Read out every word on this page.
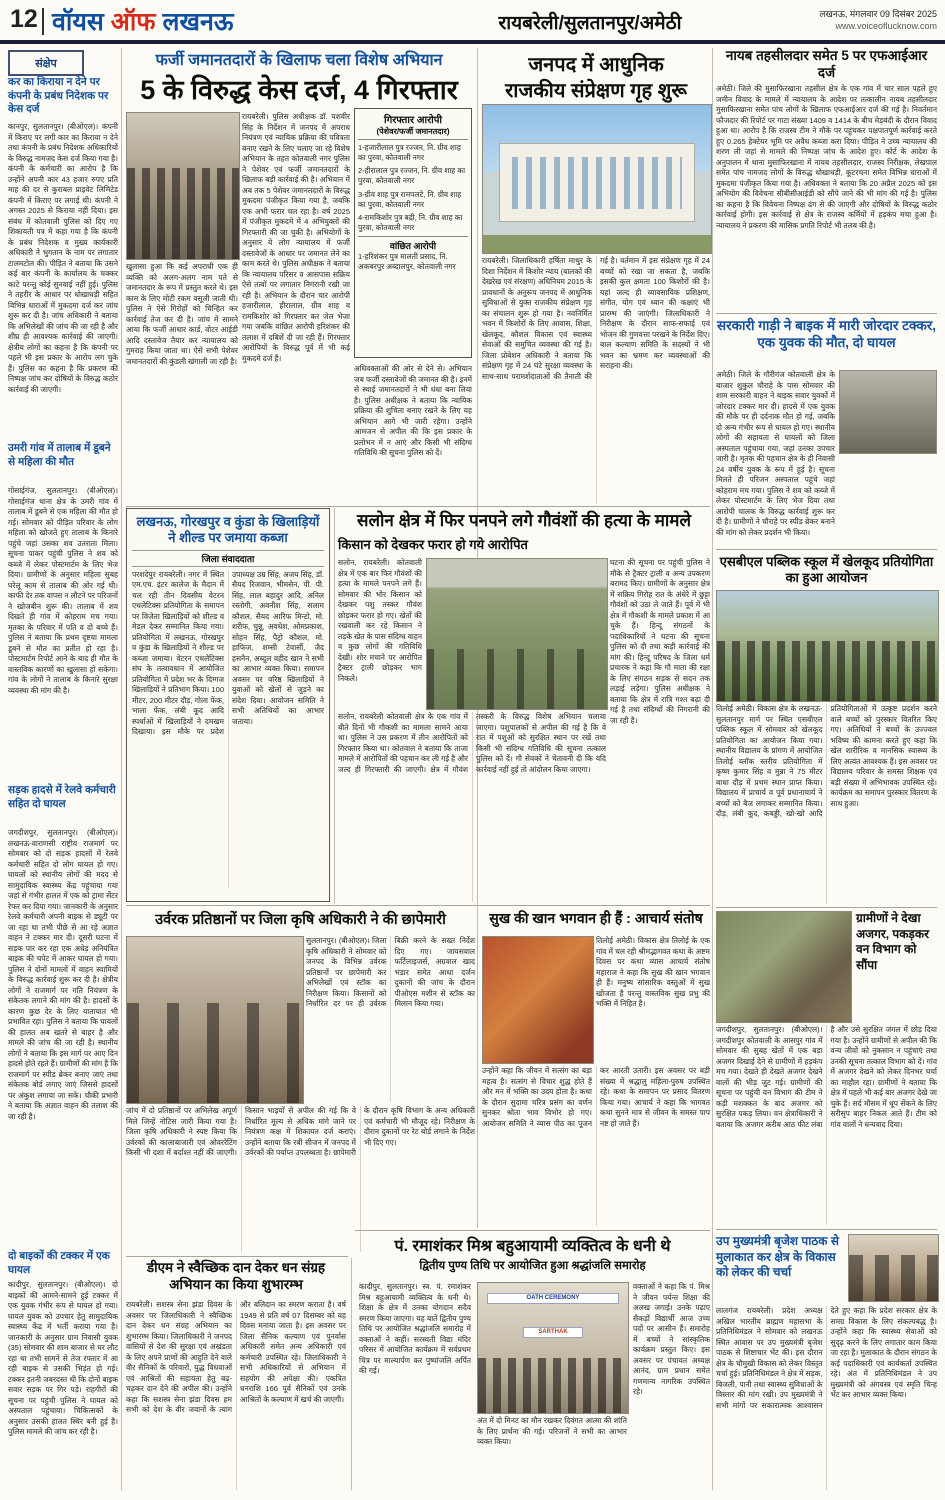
12 वॉयस ऑफ लखनऊ	रायबरेली/सुलतानपुर/अमेठी	लखनऊ, मंगलवार 09 दिसंबर 2025
www.voiceoflucknow.com
संक्षेप
कर का किराया न देने पर कंपनी के प्रबंध निदेशक पर केस दर्ज
कानपुर, सुलतानपुर। (बीओएल)। कंपनी में किराए पर लगी कार का किराया न देने तथा कंपनी के प्रबंध निदेशक अधिकारियों के विरुद्ध नामजद केस दर्ज किया गया है। कंपनी के कर्मचारी का आरोप है कि उन्होंने अपनी कार 43 हजार रुपए प्रति माह की दर से कुराबल प्राइवेट लिमिटेड कंपनी में किराए पर लगाई थी। कंपनी ने अगस्त 2025 से किराया नहीं दिया। इस संबंध में कोतवाली पुलिस को दिए गए शिकायती पत्र में कहा गया है कि कंपनी के प्रबंध निदेशक व मुख्य कार्यकारी अधिकारी ने भुगतान के नाम पर लगातार टालमटोल की। पीड़ित ने बताया कि उसने कई बार कंपनी के कार्यालय के चक्कर काटे परन्तु कोई सुनवाई नहीं हुई। पुलिस ने तहरीर के आधार पर धोखाधड़ी सहित विभिन्न धाराओं में मुकदमा दर्ज कर जांच शुरू कर दी है। जांच अधिकारी ने बताया कि अभिलेखों की जांच की जा रही है और शीघ्र ही आवश्यक कार्रवाई की जाएगी। क्षेत्रीय लोगों का कहना है कि कंपनी पर पहले भी इस प्रकार के आरोप लग चुके हैं। पुलिस का कहना है कि प्रकरण की निष्पक्ष जांच कर दोषियों के विरुद्ध कठोर कार्रवाई की जाएगी।
उमरी गांव में तालाब में डूबने से महिला की मौत
गोसाईगंज, सुलतानपुर। (बीओएल)। गोसाईगंज थाना क्षेत्र के उमरी गांव में तालाब में डूबने से एक महिला की मौत हो गई। सोमवार को पीड़ित परिवार के लोग महिला को खोजते हुए तालाब के किनारे पहुंचे जहां उसका शव उतराता मिला। सूचना पाकर पहुंची पुलिस ने शव को कब्जे में लेकर पोस्टमार्टम के लिए भेज दिया। ग्रामीणों के अनुसार महिला सुबह घरेलू काम से तालाब की ओर गई थी। काफी देर तक वापस न लौटने पर परिजनों ने खोजबीन शुरू की। तालाब में शव दिखते ही गांव में कोहराम मच गया। मृतका के परिवार में पति व दो बच्चे हैं। पुलिस ने बताया कि प्रथम दृष्टया मामला डूबने से मौत का प्रतीत हो रहा है। पोस्टमार्टम रिपोर्ट आने के बाद ही मौत के वास्तविक कारणों का खुलासा हो सकेगा। गांव के लोगों ने तालाब के किनारे सुरक्षा व्यवस्था की मांग की है।
सड़क हादसे में रेलवे कर्मचारी सहित दो घायल
जगदीशपुर, सुलतानपुर। (बीओएल)। लखनऊ-वाराणसी राष्ट्रीय राजमार्ग पर सोमवार को दो सड़क हादसों में रेलवे कर्मचारी सहित दो लोग घायल हो गए। घायलों को स्थानीय लोगों की मदद से सामुदायिक स्वास्थ्य केंद्र पहुंचाया गया जहां से गंभीर हालत में एक को ट्रामा सेंटर रेफर कर दिया गया। जानकारी के अनुसार रेलवे कर्मचारी अपनी बाइक से ड्यूटी पर जा रहा था तभी पीछे से आ रहे अज्ञात वाहन ने टक्कर मार दी। दूसरी घटना में सड़क पार कर रहा एक अधेड़ अनियंत्रित बाइक की चपेट में आकर घायल हो गया। पुलिस ने दोनों मामलों में वाहन स्वामियों के विरुद्ध कार्रवाई शुरू कर दी है। क्षेत्रीय लोगों ने राजमार्ग पर गति नियंत्रण के संकेतक लगाने की मांग की है। हादसों के कारण कुछ देर के लिए यातायात भी प्रभावित रहा। पुलिस ने बताया कि घायलों की हालत अब खतरे से बाहर है और मामले की जांच की जा रही है। स्थानीय लोगों ने बताया कि इस मार्ग पर आए दिन हादसे होते रहते हैं। ग्रामीणों की मांग है कि राजमार्ग पर स्पीड ब्रेकर बनाए जाएं तथा संकेतक बोर्ड लगाए जाएं जिससे हादसों पर अंकुश लगाया जा सके। चौकी प्रभारी ने बताया कि अज्ञात वाहन की तलाश की जा रही है।
दो बाइकों की टक्कर में एक घायल
कादीपुर, सुलतानपुर। (बीओएल)। दो बाइकों की आमने-सामने हुई टक्कर में एक युवक गंभीर रूप से घायल हो गया। घायल युवक को उपचार हेतु सामुदायिक स्वास्थ्य केंद्र में भर्ती कराया गया है। जानकारी के अनुसार ग्राम निवासी युवक (35) सोमवार की शाम बाजार से घर लौट रहा था तभी सामने से तेज रफ्तार में आ रही बाइक से उसकी भिड़ंत हो गई। टक्कर इतनी जबरदस्त थी कि दोनों बाइक सवार सड़क पर गिर पड़े। राहगीरों की सूचना पर पहुंची पुलिस ने घायल को अस्पताल पहुंचाया। चिकित्सकों के अनुसार उसकी हालत स्थिर बनी हुई है। पुलिस मामले की जांच कर रही है।
फर्जी जमानतदारों के खिलाफ चला विशेष अभियान
5 के विरुद्ध केस दर्ज, 4 गिरफ्तार
खुलासा हुआ कि कई अपराधी एक ही व्यक्ति को अलग-अलग नाम पते से जमानतदार के रूप में प्रस्तुत करते थे। इस काम के लिए मोटी रकम वसूली जाती थी। पुलिस ने ऐसे गिरोहों को चिन्हित कर कार्रवाई तेज कर दी है। जांच में सामने आया कि फर्जी आधार कार्ड, वोटर आईडी आदि दस्तावेज तैयार कर न्यायालय को गुमराह किया जाता था। ऐसे सभी पेशेवर जमानतदारों की कुंडली खंगाली जा रही है।
रायबरेली। पुलिस अधीक्षक डॉ. यशवीर सिंह के निर्देशन में जनपद में अपराध नियंत्रण एवं न्यायिक प्रक्रिया की पवित्रता बनाए रखने के लिए चलाए जा रहे विशेष अभियान के तहत कोतवाली नगर पुलिस ने पेशेवर एवं फर्जी जमानतदारों के खिलाफ बड़ी कार्रवाई की है। अभियान में अब तक 5 पेशेवर जमानतदारों के विरुद्ध मुकदमा पंजीकृत किया गया है, जबकि एक अभी फरार चल रहा है। वर्ष 2025 में पंजीकृत मुकदमे में 4 अभियुक्तों की गिरफ्तारी की जा चुकी है। अभियोगों के अनुसार ये लोग न्यायालय में फर्जी दस्तावेजों के आधार पर जमानत लेने का काम करते थे। पुलिस अधीक्षक ने बताया कि न्यायालय परिसर व आसपास सक्रिय ऐसे तत्वों पर लगातार निगरानी रखी जा रही है। अभियान के दौरान चार आरोपी हजारीलाल, हीरालाल, ग्रीव शाह व रामकिशोर को गिरफ्तार कर जेल भेजा गया जबकि वांछित आरोपी हरिशंकर की तलाश में दबिशें दी जा रही हैं। गिरफ्तार आरोपियों के विरुद्ध पूर्व में भी कई मुकदमे दर्ज हैं।
गिरफ्तार आरोपी
(पेशेवर/फर्जी जमानतदार)
1-हजारीलाल पुत्र रज्जन, नि. ग्रीव शाह का पुरवा, कोतवाली नगर
2-हीरालाल पुत्र रज्जन, नि. ग्रीव शाह का पुरवा, कोतवाली नगर
3-ग्रीव शाह पुत्र रामपलटे, नि. ग्रीव शाह का पुरवा, कोतवाली नगर
4-रामकिशोर पुत्र बद्री, नि. ग्रीव शाह का पुरवा, कोतवाली नगर
वांछित आरोपी
1-हरिशंकर पुत्र मालती प्रसाद, नि. अकबरपुर अब्दालपुर, कोतवाली नगर
अधिवक्ताओं की ओर से देने से। अभियान जब फर्जी दस्तावेजों की जमानत की है। इनमें से स्थाई जमानतदारों ने भी धंधा बना लिया है। पुलिस अधीक्षक ने बताया कि न्यायिक प्रक्रिया की शुचिता बनाए रखने के लिए यह अभियान आगे भी जारी रहेगा। उन्होंने आमजन से अपील की कि इस प्रकार के प्रलोभन में न आएं और किसी भी संदिग्ध गतिविधि की सूचना पुलिस को दें।
जनपद में आधुनिक
राजकीय संप्रेक्षण गृह शुरू
रायबरेली। जिलाधिकारी हर्षिता माथुर के दिशा निर्देशन में किशोर न्याय (बालकों की देखरेख एवं संरक्षण) अधिनियम 2015 के प्रावधानों के अनुरूप जनपद में आधुनिक सुविधाओं से युक्त राजकीय संप्रेक्षण गृह का संचालन शुरू हो गया है। नवनिर्मित भवन में किशोरों के लिए आवास, शिक्षा, खेलकूद, कौशल विकास एवं स्वास्थ्य सेवाओं की समुचित व्यवस्था की गई है। जिला प्रोबेशन अधिकारी ने बताया कि संप्रेक्षण गृह में 24 घंटे सुरक्षा व्यवस्था के साथ-साथ परामर्शदाताओं की तैनाती की गई है। वर्तमान में इस संप्रेक्षण गृह में 24 बच्चों को रखा जा सकता है, जबकि इसकी कुल क्षमता 100 किशोरों की है। यहां जल्द ही व्यावसायिक प्रशिक्षण, संगीत, योग एवं ध्यान की कक्षाएं भी प्रारम्भ की जाएंगी। जिलाधिकारी ने निरीक्षण के दौरान साफ-सफाई एवं भोजन की गुणवत्ता परखने के निर्देश दिए। बाल कल्याण समिति के सदस्यों ने भी भवन का भ्रमण कर व्यवस्थाओं की सराहना की।
नायब तहसीलदार समेत 5 पर एफआईआर दर्ज
अमेठी। जिले की मुसाफिरखाना तहसील क्षेत्र के एक गांव में चार साल पहले हुए जमीन विवाद के मामले में न्यायालय के आदेश पर तत्कालीन नायब तहसीलदार मुसाफिरखाना समेत पांच लोगों के खिलाफ एफआईआर दर्ज की गई है। निवर्तमान फौजदार की रिपोर्ट पर गाटा संख्या 1409 व 1414 के बीच मेड़बंदी के दौरान विवाद हुआ था। आरोप है कि राजस्व टीम ने मौके पर पहुंचकर पक्षपातपूर्ण कार्रवाई करते हुए 0.265 हेक्टेयर भूमि पर अवैध कब्जा करा दिया। पीड़ित ने उच्च न्यायालय की शरण ली जहां से मामले की निष्पक्ष जांच के आदेश हुए। कोर्ट के आदेश के अनुपालन में थाना मुसाफिरखाना में नायब तहसीलदार, राजस्व निरीक्षक, लेखपाल समेत पांच नामजद लोगों के विरुद्ध धोखाधड़ी, कूटरचना समेत विभिन्न धाराओं में मुकदमा पंजीकृत किया गया है। अधिवक्ता ने बताया कि 20 अप्रैल 2025 को इस अभियोग की विवेचना सीबीसीआईडी को सौंपे जाने की भी मांग की गई है। पुलिस का कहना है कि विवेचना निष्पक्ष ढंग से की जाएगी और दोषियों के विरुद्ध कठोर कार्रवाई होगी। इस कार्रवाई से क्षेत्र के राजस्व कर्मियों में हड़कंप मचा हुआ है। न्यायालय ने प्रकरण की मासिक प्रगति रिपोर्ट भी तलब की है।
सरकारी गाड़ी ने बाइक में मारी जोरदार टक्कर, एक युवक की मौत, दो घायल
अमेठी। जिले के गौरीगंज कोतवाली क्षेत्र के बाजार शुकुल चौराहे के पास सोमवार की शाम सरकारी वाहन ने बाइक सवार युवकों में जोरदार टक्कर मार दी। हादसे में एक युवक की मौके पर ही दर्दनाक मौत हो गई, जबकि दो अन्य गंभीर रूप से घायल हो गए। स्थानीय लोगों की सहायता से घायलों को जिला अस्पताल पहुंचाया गया, जहां उनका उपचार जारी है। मृतक की पहचान क्षेत्र के ही निवासी 24 वर्षीय युवक के रूप में हुई है। सूचना मिलते ही परिजन अस्पताल पहुंचे जहां कोहराम मच गया। पुलिस ने शव को कब्जे में लेकर पोस्टमार्टम के लिए भेज दिया तथा आरोपी चालक के विरुद्ध कार्रवाई शुरू कर दी है। ग्रामीणों ने चौराहे पर स्पीड ब्रेकर बनाने की मांग को लेकर प्रदर्शन भी किया।
एसबीएल पब्लिक स्कूल में खेलकूद प्रतियोगिता का हुआ आयोजन
तिलोई अमेठी। विकास क्षेत्र के लखनऊ- सुलतानपुर मार्ग पर स्थित एसबीएल पब्लिक स्कूल में सोमवार को खेलकूद प्रतियोगिता का आयोजन किया गया। स्थानीय विद्यालय के प्रांगण में आयोजित तिलोई ब्लॉक स्तरीय प्रतियोगिता में कृष्ण कुमार सिंह व मुन्ना ने 75 मीटर बाधा दौड़ में प्रथम स्थान प्राप्त किया। विद्यालय में प्राचार्य व पूर्व प्रधानाचार्य ने बच्चों को बैज लगाकर सम्मानित किया। दौड़, लंबी कूद, कबड्डी, खो-खो आदि प्रतियोगिताओं में उत्कृष्ट प्रदर्शन करने वाले बच्चों को पुरस्कार वितरित किए गए। अतिथियों ने बच्चों के उज्ज्वल भविष्य की कामना करते हुए कहा कि खेल शारीरिक व मानसिक स्वास्थ्य के लिए अत्यंत आवश्यक हैं। इस अवसर पर विद्यालय परिवार के समस्त शिक्षक एवं बड़ी संख्या में अभिभावक उपस्थित रहे। कार्यक्रम का समापन पुरस्कार वितरण के साथ हुआ।
ग्रामीणों ने देखा अजगर, पकड़कर वन विभाग को सौंपा
जगदीशपुर, सुलतानपुर। (बीओएल)। जगदीशपुर कोतवाली के आसपुर गांव में सोमवार की सुबह खेतों में एक बड़ा अजगर दिखाई देने से ग्रामीणों में हड़कंप मच गया। देखते ही देखते अजगर देखने वालों की भीड़ जुट गई। ग्रामीणों की सूचना पर पहुंची वन विभाग की टीम ने कड़ी मशक्कत के बाद अजगर को सुरक्षित पकड़ लिया। वन क्षेत्राधिकारी ने बताया कि अजगर करीब आठ फीट लंबा है और उसे सुरक्षित जंगल में छोड़ दिया गया है। उन्होंने ग्रामीणों से अपील की कि वन्य जीवों को नुकसान न पहुंचाएं तथा उनकी सूचना तत्काल विभाग को दें। गांव में अजगर देखने को लेकर दिनभर चर्चा का माहौल रहा। ग्रामीणों ने बताया कि क्षेत्र में पहले भी कई बार अजगर देखे जा चुके हैं। सर्द मौसम में धूप सेंकने के लिए सरीसृप बाहर निकल आते हैं। टीम को गांव वालों ने धन्यवाद दिया।
उप मुख्यमंत्री बृजेश पाठक से मुलाकात कर क्षेत्र के विकास को लेकर की चर्चा
लालगंज रायबरेली। प्रदेश अध्यक्ष अखिल भारतीय ब्राह्मण महासभा के प्रतिनिधिमंडल ने सोमवार को लखनऊ स्थित आवास पर उप मुख्यमंत्री बृजेश पाठक से शिष्टाचार भेंट की। इस दौरान क्षेत्र के चौमुखी विकास को लेकर विस्तृत चर्चा हुई। प्रतिनिधिमंडल ने क्षेत्र में सड़क, बिजली, पानी तथा स्वास्थ्य सुविधाओं के विस्तार की मांग रखी। उप मुख्यमंत्री ने सभी मांगों पर सकारात्मक आश्वासन देते हुए कहा कि प्रदेश सरकार क्षेत्र के समग्र विकास के लिए संकल्पबद्ध है। उन्होंने कहा कि स्वास्थ्य सेवाओं को सुदृढ़ करने के लिए लगातार काम किया जा रहा है। मुलाकात के दौरान संगठन के कई पदाधिकारी एवं कार्यकर्ता उपस्थित रहे। अंत में प्रतिनिधिमंडल ने उप मुख्यमंत्री को अंगवस्त्र एवं स्मृति चिन्ह भेंट कर आभार व्यक्त किया।
लखनऊ, गोरखपुर व कुंडा के खिलाड़ियों ने शील्ड पर जमाया कब्जा
जिला संवाददाता
परशदेपुर रायबरेली। नगर में स्थित एम.एच. इंटर कालेज के मैदान में चल रही तीन दिवसीय वेटरन एथलेटिक्स प्रतियोगिता के समापन पर विजेता खिलाड़ियों को शील्ड व मेडल देकर सम्मानित किया गया। प्रतियोगिता में लखनऊ, गोरखपुर व कुंडा के खिलाड़ियों ने शील्ड पर कब्जा जमाया। वेटरन एथलेटिक्स संघ के तत्वावधान में आयोजित प्रतियोगिता में प्रदेश भर के दिग्गज खिलाड़ियों ने प्रतिभाग किया। 100 मीटर, 200 मीटर दौड़, गोला फेंक, भाला फेंक, लंबी कूद आदि स्पर्धाओं में खिलाड़ियों ने दमखम दिखाया। इस मौके पर प्रदेश उपाध्यक्ष उम्र सिंह, अजय सिंह, डॉ. सैयद रिजवान, भीमसेन, पी. पी. सिंह, लाल बहादुर आदि, अनिल रस्तोगी, अवनीश सिंह, सलाम कौशल, सैयद आरिफ मिन्टो, मो. शरीफ, चुन्नू, अवधेश, ओमप्रकाश, सोहन सिंह, पैट्रो कौशल, मो. हाफिज, शम्सी टेवार्सी, जैद हसनैन, अब्दुल वहीद खान ने सभी का आभार व्यक्त किया। समापन अवसर पर वरिष्ठ खिलाड़ियों ने युवाओं को खेलों से जुड़ने का संदेश दिया। आयोजन समिति ने सभी अतिथियों का आभार जताया।
सलोन क्षेत्र में फिर पनपने लगे गौवंशों की हत्या के मामले
किसान को देखकर फरार हो गये आरोपित
सलोन, रायबरेली। कोतवाली क्षेत्र में एक बार फिर गौवंशों की हत्या के मामले पनपने लगे हैं। सोमवार की भोर किसान को देखकर पशु तस्कर गौवंश छोड़कर फरार हो गए। खेतों की रखवाली कर रहे किसान ने तड़के खेत के पास संदिग्ध वाहन व कुछ लोगों की गतिविधि देखी। शोर मचाने पर आरोपित ट्रैक्टर ट्राली छोड़कर भाग निकले।
घटना की सूचना पर पहुंची पुलिस ने मौके से ट्रैक्टर ट्राली व अन्य उपकरण बरामद किए। ग्रामीणों के अनुसार क्षेत्र में सक्रिय गिरोह रात के अंधेरे में छुट्टा गौवंशों को उठा ले जाते हैं। पूर्व में भी क्षेत्र में गौकशी के मामले प्रकाश में आ चुके हैं। हिन्दू संगठनों के पदाधिकारियों ने घटना की सूचना पुलिस को दी तथा कड़ी कार्रवाई की मांग की। हिन्दू परिषद के जिला धर्म प्रचारक ने कहा कि गौ माता की रक्षा के लिए संगठन सड़क से सदन तक लड़ाई लड़ेगा। पुलिस अधीक्षक ने बताया कि क्षेत्र में रात्रि गश्त बढ़ा दी गई है तथा संदिग्धों की निगरानी की जा रही है।
सलोन, रायबरेली कोतवाली क्षेत्र के एक गांव में बीते दिनों भी गौकशी का मामला सामने आया था। पुलिस ने उस प्रकरण में तीन आरोपितों को गिरफ्तार किया था। कोतवाल ने बताया कि ताजा मामले में आरोपितों की पहचान कर ली गई है और जल्द ही गिरफ्तारी की जाएगी। क्षेत्र में गौवंश तस्करी के विरुद्ध विशेष अभियान चलाया जाएगा। पशुपालकों से अपील की गई है कि वे रात में पशुओं को सुरक्षित स्थान पर रखें तथा किसी भी संदिग्ध गतिविधि की सूचना तत्काल पुलिस को दें। गौ सेवकों ने चेतावनी दी कि यदि कार्रवाई नहीं हुई तो आंदोलन किया जाएगा।
उर्वरक प्रतिष्ठानों पर जिला कृषि अधिकारी ने की छापेमारी
सुलतानपुर। (बीओएल)। जिला कृषि अधिकारी ने सोमवार को जनपद के विभिन्न उर्वरक प्रतिष्ठानों पर छापेमारी कर अभिलेखों एवं स्टॉक का निरीक्षण किया। किसानों को निर्धारित दर पर ही उर्वरक बिक्री करने के सख्त निर्देश दिए गए। जायसवाल फर्टिलाइजर्स, अग्रवाल खाद भंडार समेत आधा दर्जन दुकानों की जांच के दौरान पीओएस मशीन से स्टॉक का मिलान किया गया।
जांच में दो प्रतिष्ठानों पर अभिलेख अपूर्ण मिले जिन्हें नोटिस जारी किया गया है। जिला कृषि अधिकारी ने स्पष्ट किया कि उर्वरकों की कालाबाजारी एवं ओवररेटिंग किसी भी दशा में बर्दाश्त नहीं की जाएगी। किसान भाइयों से अपील की गई कि वे निर्धारित मूल्य से अधिक मांगे जाने पर नियंत्रण कक्ष में शिकायत दर्ज कराएं। उन्होंने बताया कि रबी सीजन में जनपद में उर्वरकों की पर्याप्त उपलब्धता है। छापेमारी के दौरान कृषि विभाग के अन्य अधिकारी एवं कर्मचारी भी मौजूद रहे। निरीक्षण के दौरान दुकानों पर रेट बोर्ड लगाने के निर्देश भी दिए गए।
सुख की खान भगवान ही हैं : आचार्य संतोष
तिलोई अमेठी। विकास क्षेत्र तिलोई के एक गांव में चल रही श्रीमद्भागवत कथा के अष्टम दिवस पर कथा व्यास आचार्य संतोष महाराज ने कहा कि सुख की खान भगवान ही हैं। मनुष्य सांसारिक वस्तुओं में सुख खोजता है परन्तु वास्तविक सुख प्रभु की भक्ति में निहित है।
उन्होंने कहा कि जीवन में सत्संग का बड़ा महत्व है। सत्संग से विचार शुद्ध होते हैं और मन में भक्ति का उदय होता है। कथा के दौरान सुदामा चरित्र प्रसंग का वर्णन सुनकर श्रोता भाव विभोर हो गए। आयोजन समिति ने व्यास पीठ का पूजन कर आरती उतारी। इस अवसर पर बड़ी संख्या में श्रद्धालु महिला-पुरुष उपस्थित रहे। कथा के समापन पर प्रसाद वितरण किया गया। आचार्य ने कहा कि भागवत कथा सुनने मात्र से जीवन के समस्त पाप नष्ट हो जाते हैं।
डीएम ने स्वैच्छिक दान देकर धन संग्रह अभियान का किया शुभारम्भ
रायबरेली। सशस्त्र सेना झंडा दिवस के अवसर पर जिलाधिकारी ने स्वैच्छिक दान देकर धन संग्रह अभियान का शुभारम्भ किया। जिलाधिकारी ने जनपद वासियों से देश की सुरक्षा एवं अखंडता के लिए अपने प्राणों की आहुति देने वाले वीर सैनिकों के परिवारों, युद्ध विधवाओं एवं आश्रितों की सहायता हेतु बढ़-चढ़कर दान देने की अपील की। उन्होंने कहा कि सशस्त्र सेना झंडा दिवस हम सभी को देश के वीर जवानों के त्याग और बलिदान का स्मरण कराता है। वर्ष 1949 से प्रति वर्ष 07 दिसम्बर को यह दिवस मनाया जाता है। इस अवसर पर जिला सैनिक कल्याण एवं पुनर्वास अधिकारी समेत अन्य अधिकारी एवं कर्मचारी उपस्थित रहे। जिलाधिकारी ने सभी अधिकारियों से अभियान में सहयोग की अपेक्षा की। एकत्रित धनराशि 166 पूर्व सैनिकों एवं उनके आश्रितों के कल्याण में खर्च की जाएगी।
पं. रमाशंकर मिश्र बहुआयामी व्यक्तित्व के धनी थे
द्वितीय पुण्य तिथि पर आयोजित हुआ श्रद्धांजलि समारोह
कादीपुर, सुलतानपुर। स्व. पं. रमाशंकर मिश्र बहुआयामी व्यक्तित्व के धनी थे। शिक्षा के क्षेत्र में उनका योगदान सदैव स्मरण किया जाएगा। यह बातें द्वितीय पुण्य तिथि पर आयोजित श्रद्धांजलि समारोह में वक्ताओं ने कहीं। सरस्वती विद्या मंदिर परिसर में आयोजित कार्यक्रम में सर्वप्रथम चित्र पर माल्यार्पण कर पुष्पांजलि अर्पित की गई।
OATH CEREMONY
SARTHAK
वक्ताओं ने कहा कि पं. मिश्र ने जीवन पर्यन्त शिक्षा की अलख जगाई। उनके पढ़ाए सैकड़ों विद्यार्थी आज उच्च पदों पर आसीन हैं। समारोह में बच्चों ने सांस्कृतिक कार्यक्रम प्रस्तुत किए। इस अवसर पर पंचायत अध्यक्ष आनंद, ग्राम प्रधान समेत गणमान्य नागरिक उपस्थित रहे।
अंत में दो मिनट का मौन रखकर दिवंगत आत्मा की शांति के लिए प्रार्थना की गई। परिजनों ने सभी का आभार व्यक्त किया।
